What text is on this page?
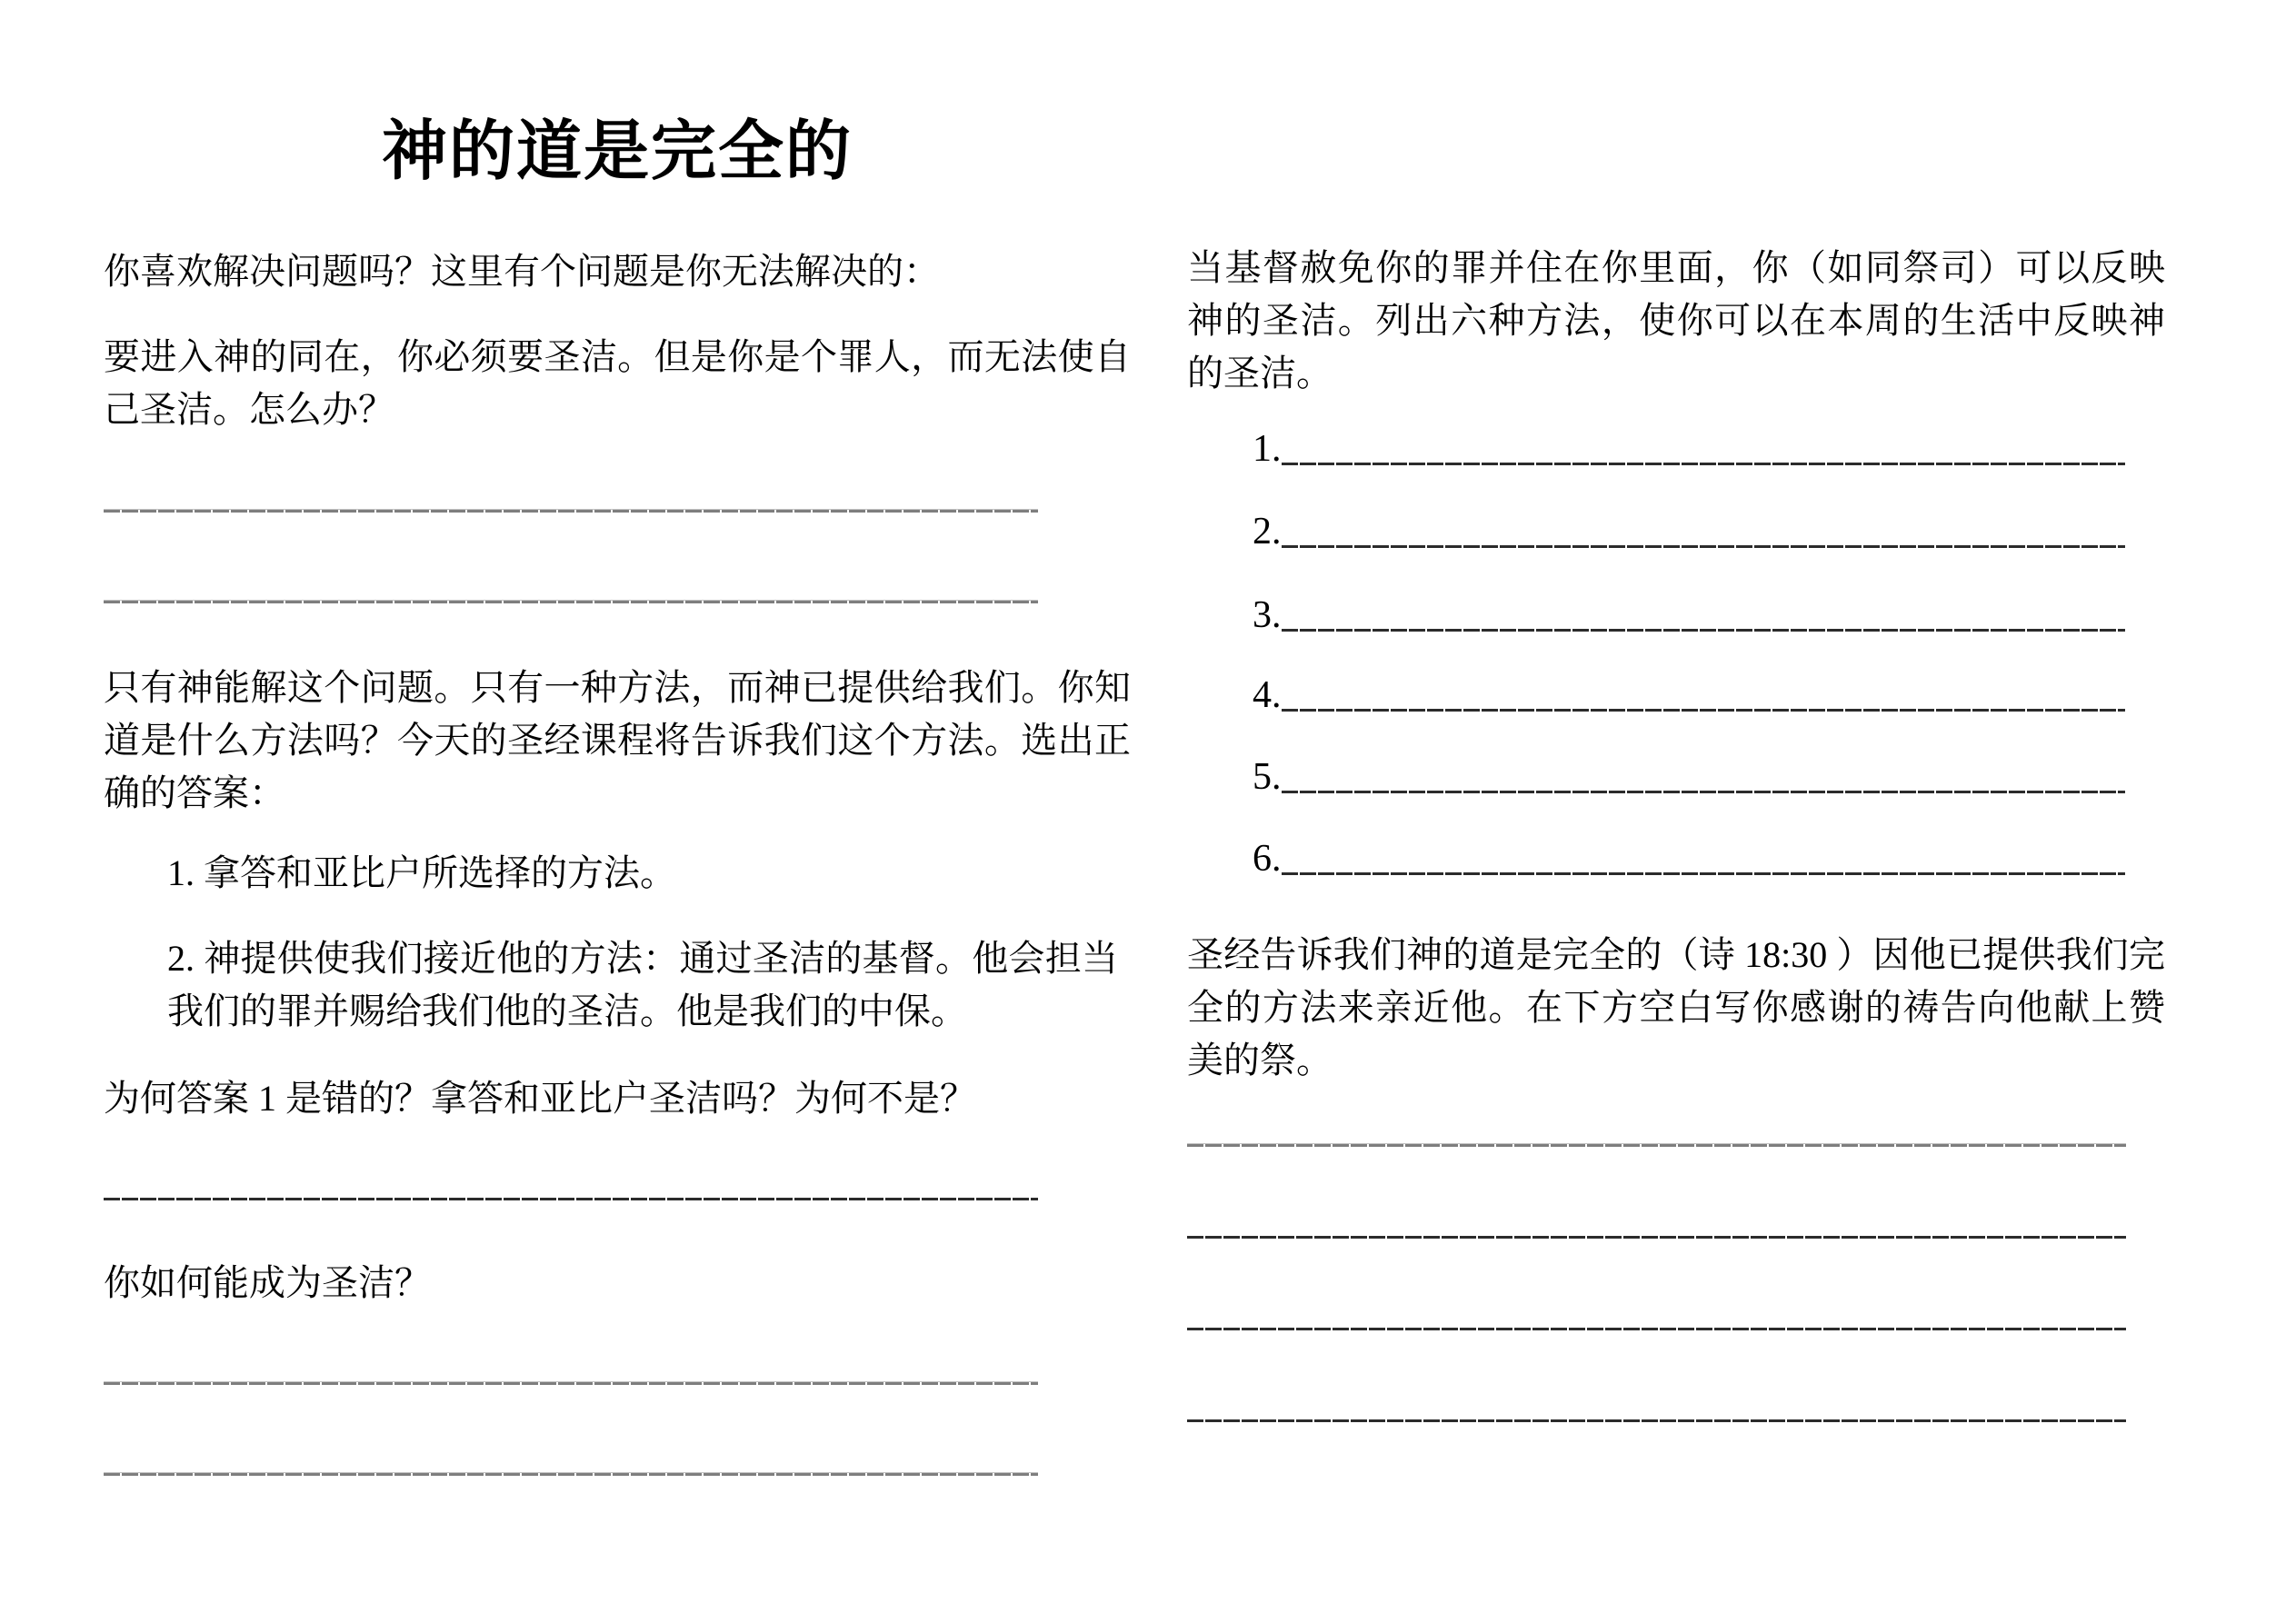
神的道是完全的

你喜欢解决问题吗？这里有个问题是你无法解决的：

要进入神的同在，你必须要圣洁。但是你是个罪人，而无法使自己圣洁。怎么办？

只有神能解这个问题。只有一种方法，而神已提供给我们。你知道是什么方法吗？今天的圣经课程将告诉我们这个方法。选出正确的答案：

1. 拿答和亚比户所选择的方法。

2. 神提供使我们接近他的方法：通过圣洁的基督。他会担当我们的罪并赐给我们他的圣洁。他是我们的中保。

为何答案 1 是错的？拿答和亚比户圣洁吗？为何不是？

你如何能成为圣洁？

当基督赦免你的罪并住在你里面，你（如同祭司）可以反映神的圣洁。列出六种方法，使你可以在本周的生活中反映神的圣洁。

1.
2.
3.
4.
5.
6.

圣经告诉我们神的道是完全的（诗 18:30 ）因他已提供我们完全的方法来亲近他。在下方空白写你感谢的祷告向他献上赞美的祭。
